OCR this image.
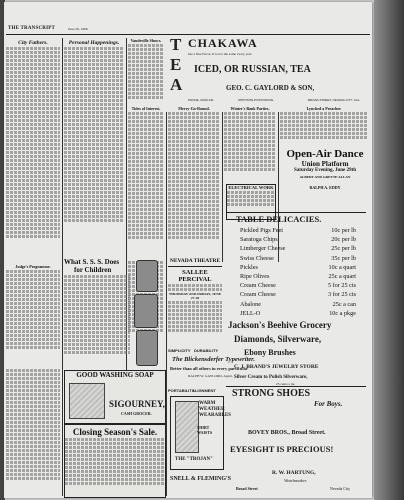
THE TRANSCRIPT	June 26, 1906.
City Fathers.
Judge's Programme.
Personal Happenings.	Vaudeville Shows. T
E
A
CHAKAWA
has a fine flavor. It is not the same every year
ICED, OR RUSSIAN, TEA
GEO. C. GAYLORD & SON,
PHONE, MAIN 431	OPPOSITE POSTOFFICE	BROAD STREET, NEVADA CITY, CAL.
Tides of Interest.	Merry-Go-Round.	Winter's Bank Parties.	Lynched a Preacher.
ELECTRICAL WORK
Open-Air Dance
Union Platform
Saturday Evening, June 29th
ALBERT AND GRETTE ALLAN
RALPH A. EDDY
TABLE DELICACIES.
Pickled Pigs Feet	10c per lb
Saratoga Chips	20c per lb
Limberger Cheese	25c per lb
Swiss Cheese	35c per lb
Pickles	10c a quart
Ripe Olives	25c a quart
Cream Cheese	5 for 25 cts
Cream Cheese	3 for 25 cts
Abalone	25c a can
JELL-O	10c a pkge
Jackson's Beehive Grocery
Diamonds, Silverware,
Ebony Brushes
C. J. BRAND'S JEWELRY STORE
Silver Cream to Polish Silverware,
25 cents a jar.
STRONG SHOES
For Boys.
BOVEY BROS., Broad Street.
EYESIGHT IS PRECIOUS!
R. W. HARTUNG,
Watchmaker.
Broad Street	Nevada City
NEVADA THEATRE
SALLEE PERCIVAL
THURSDAY AND FRIDAY, JUNE 27-28
What S. S. S. Does
for Children
GOOD WASHING SOAP
SIGOURNEY,
CASH GROCER.
Closing Season's Sale.
SIMPLICITY
The Blickensderfer Typewriter.
Better than all others in every particular
RALPH W. GAYLORD, Agent,
PORTABILITY
DURABILITY
ALIGNMENT
WARM WEATHER WEARABLES
SHIRT WAISTS
THE "TROJAN"
SNELL & FLEMING'S
